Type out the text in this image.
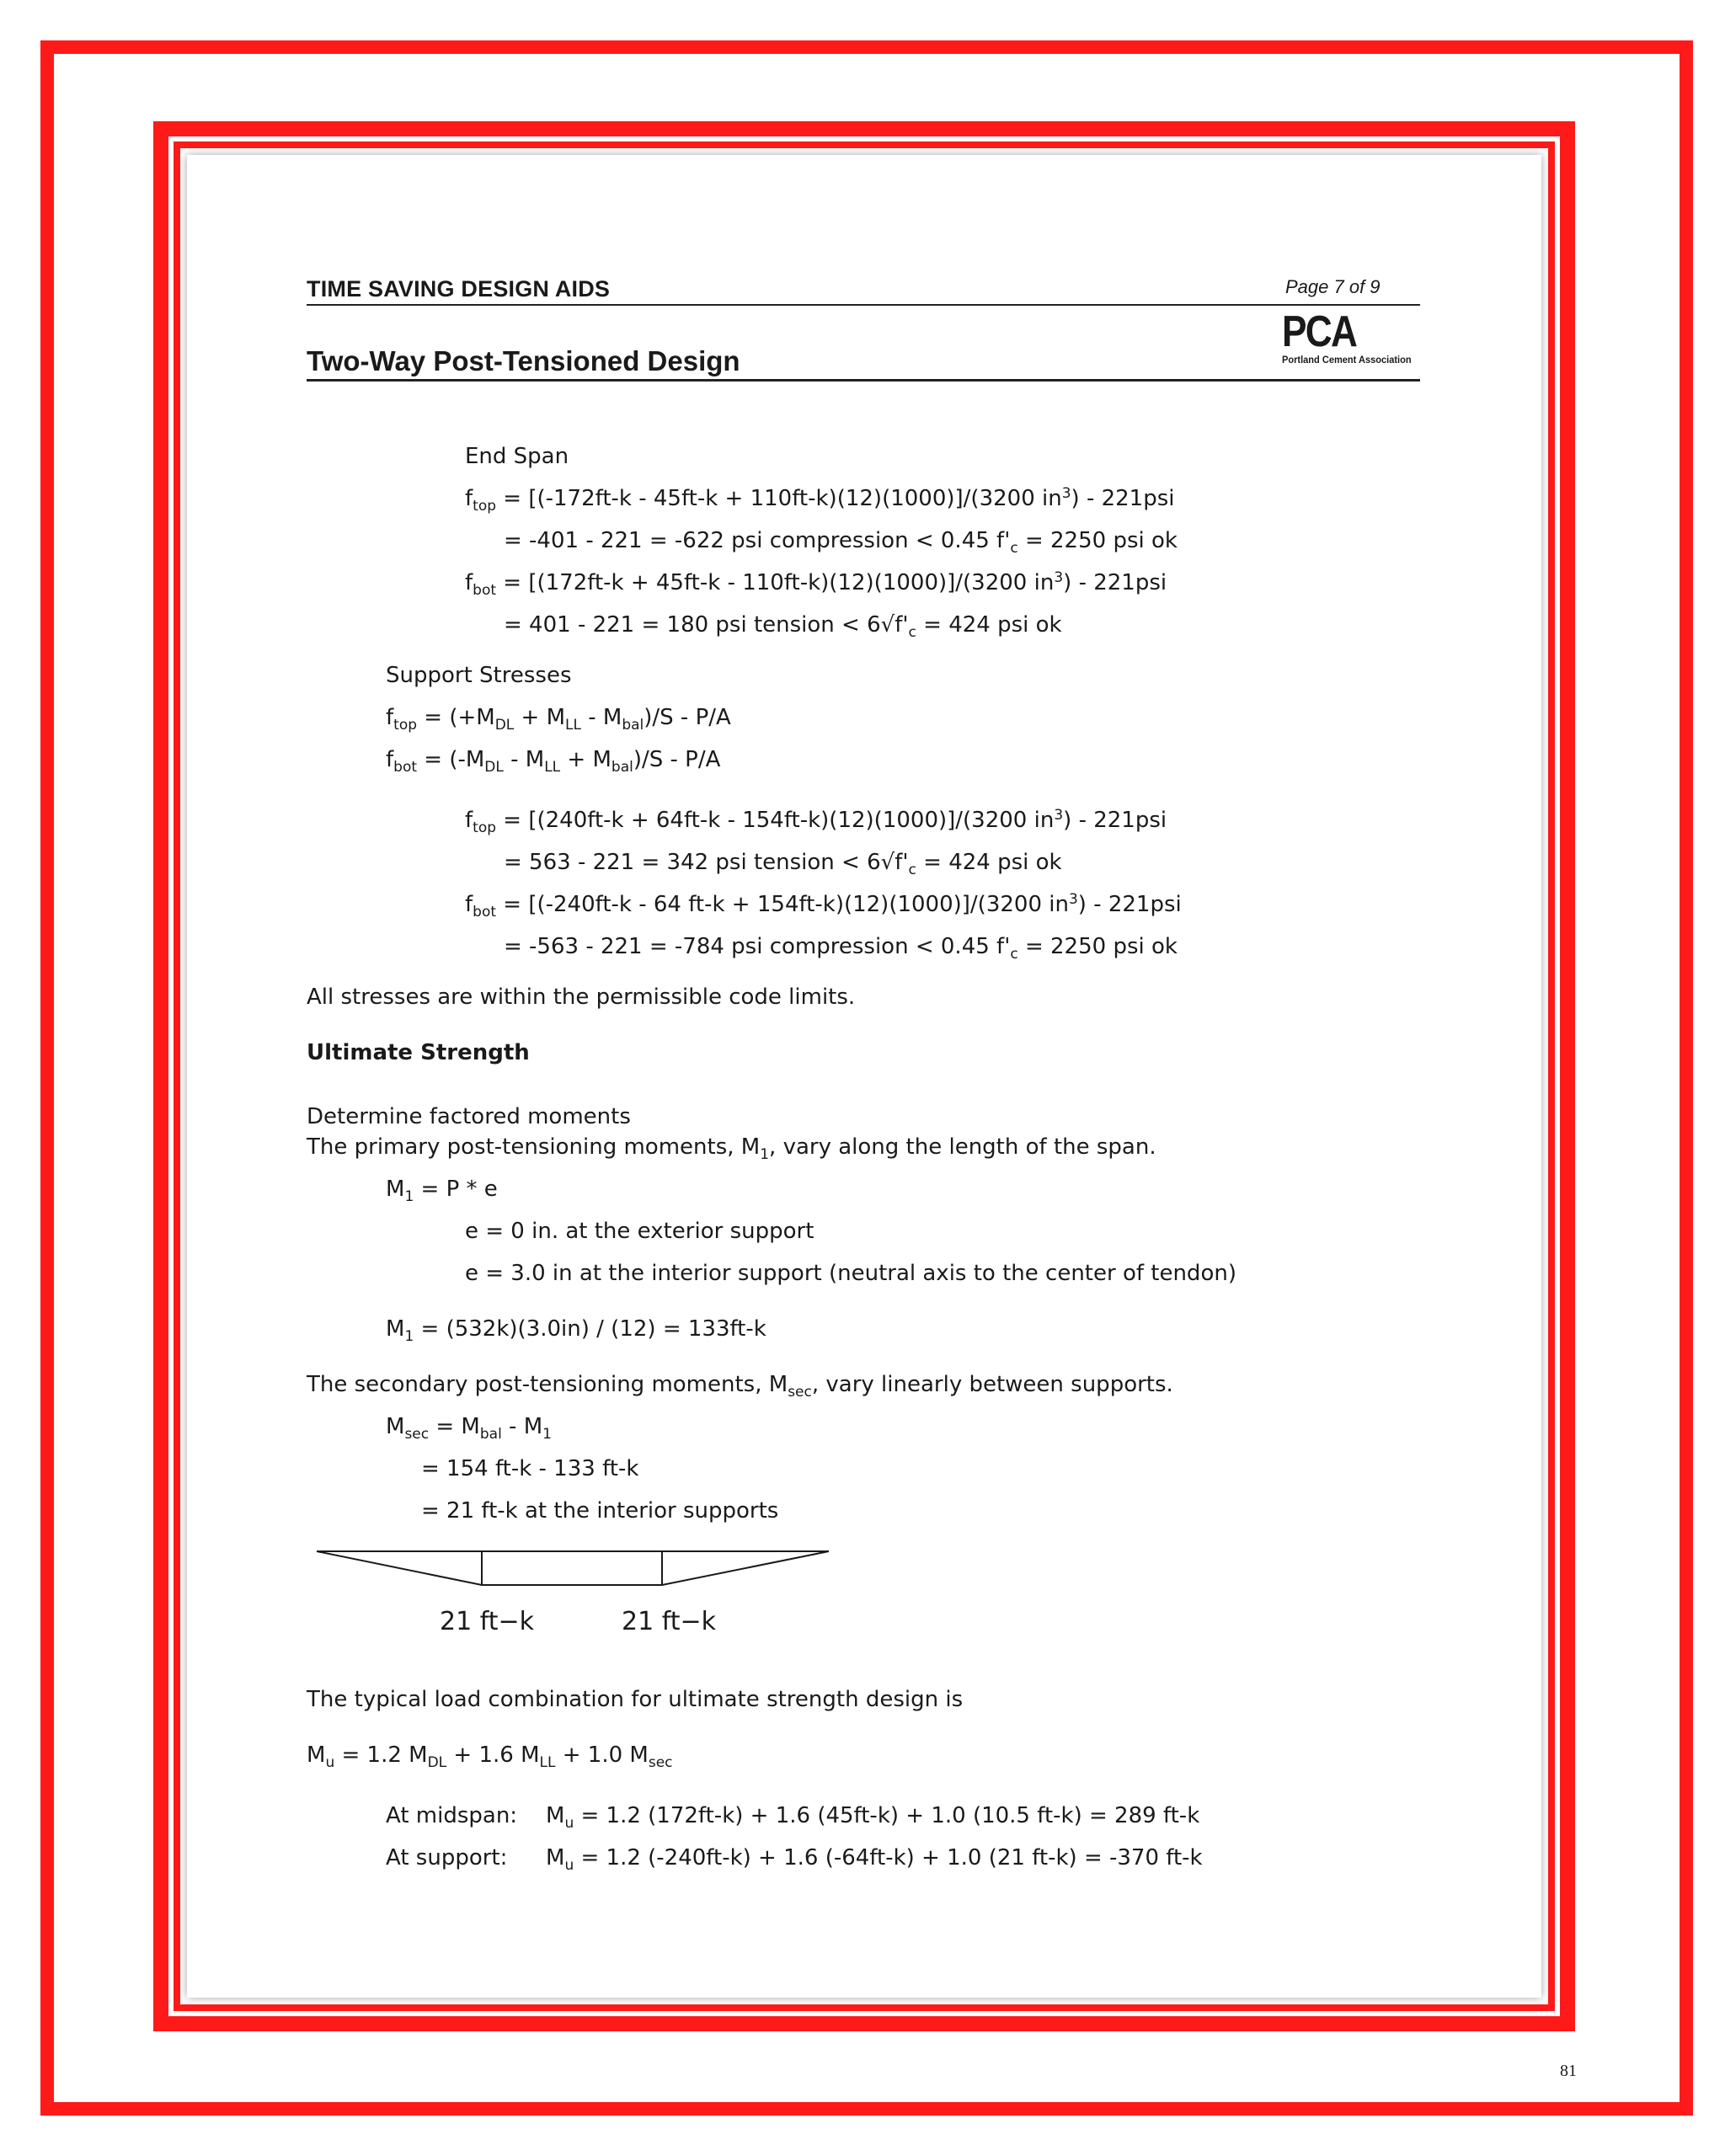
TIME SAVING DESIGN AIDS	Page 7 of 9
Two-Way Post-Tensioned Design
PCA
Portland Cement Association
End Span
$f_{top} = [(-172ft-k - 45ft-k + 110ft-k)(12)(1000)]/(3200$ $in^3) - 221psi$
= -401 - 221 = -622 psi compression < 0.45 $f'_c = 2250$ psi ok
$f_{bot} = [(172ft-k + 45ft-k - 110ft-k)(12)(1000)]/(3200$ $in^3) - 221psi$
= 401 - 221 = 180 psi tension < $6√f'_c = 424$ psi ok
Support Stresses
$f_{top} = (+M_{DL} + M_{LL} - M_{bal})/S - P/A$
$f_{bot} = (-M_{DL} - M_{LL} + M_{bal})/S - P/A$
$f_{top} = [(240ft-k + 64ft-k - 154ft-k)(12)(1000)]/(3200$ $in^3) - 221psi$
= 563 - 221 = 342 psi tension < $6√f'_c = 424$ psi ok
$f_{bot} = [(-240ft-k - 64$ ft-k + 154ft-k)(12)(1000)]/(3200 $in^3) - 221psi$
= -563 - 221 = -784 psi compression < 0.45 $f'_c = 2250$ psi ok
All stresses are within the permissible code limits.
Ultimate Strength
Determine factored moments
The primary post-tensioning moments, $M_1$, vary along the length of the span.
$M_1 = P * e$
e = 0 in. at the exterior support
e = 3.0 in at the interior support (neutral axis to the center of tendon)
$M_1 = (532k)(3.0in) / (12) = 133ft-k$
The secondary post-tensioning moments, $M_{sec}$, vary linearly between supports.
$M_{sec} = M_{bal} - M_1$
= 154 ft-k - 133 ft-k
= 21 ft-k at the interior supports
21 ft−k	21 ft−k
The typical load combination for ultimate strength design is
$M_u = 1.2$ $M_{DL} + 1.6$ $M_{LL} + 1.0$ $M_{sec}$
At midspan: $M_u = 1.2$ (172ft-k) + 1.6 (45ft-k) + 1.0 (10.5 ft-k) = 289 ft-k
At support: $M_u = 1.2$ (-240ft-k) + 1.6 (-64ft-k) + 1.0 (21 ft-k) = -370 ft-k
81
